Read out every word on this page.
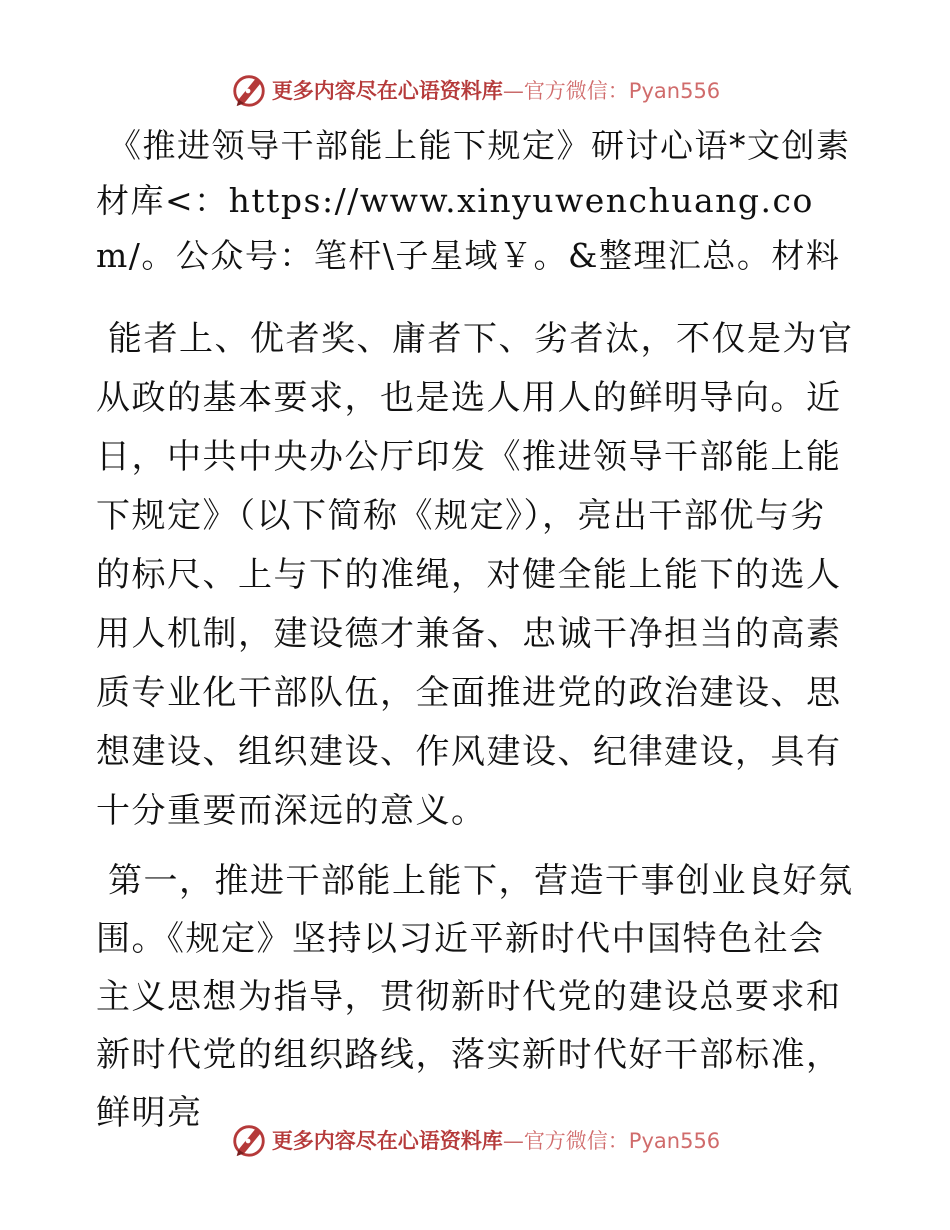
更多内容尽在心语资料库—官方微信：Pyan556

《推进领导干部能上能下规定》研讨心语*文创素材库<：https://www.xinyuwenchuang.com/。公众号：笔杆\子星域￥。&整理汇总。材料

能者上、优者奖、庸者下、劣者汰，不仅是为官从政的基本要求，也是选人用人的鲜明导向。近日，中共中央办公厅印发《推进领导干部能上能下规定》（以下简称《规定》），亮出干部优与劣的标尺、上与下的准绳，对健全能上能下的选人用人机制，建设德才兼备、忠诚干净担当的高素质专业化干部队伍，全面推进党的政治建设、思想建设、组织建设、作风建设、纪律建设，具有十分重要而深远的意义。

第一，推进干部能上能下，营造干事创业良好氛围。《规定》坚持以习近平新时代中国特色社会主义思想为指导，贯彻新时代党的建设总要求和新时代党的组织路线，落实新时代好干部标准，鲜明亮

更多内容尽在心语资料库—官方微信：Pyan556
